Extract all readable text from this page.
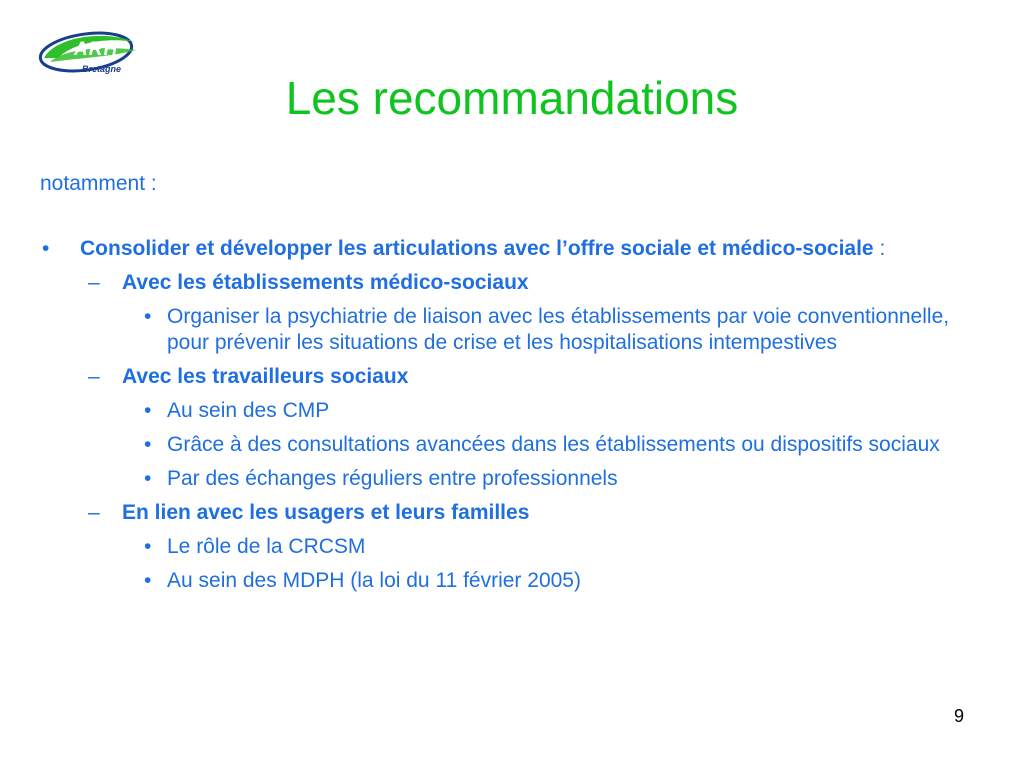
ARH
Bretagne
Les recommandations
notamment :
• Consolider et développer les articulations avec l’offre sociale et médico-sociale :
– Avec les établissements médico-sociaux
• Organiser la psychiatrie de liaison avec les établissements par voie conventionnelle, pour prévenir les situations de crise et les hospitalisations intempestives
– Avec les travailleurs sociaux
• Au sein des CMP
• Grâce à des consultations avancées dans les établissements ou dispositifs sociaux
• Par des échanges réguliers entre professionnels
– En lien avec les usagers et leurs familles
• Le rôle de la CRCSM
• Au sein des MDPH (la loi du 11 février 2005)
9
